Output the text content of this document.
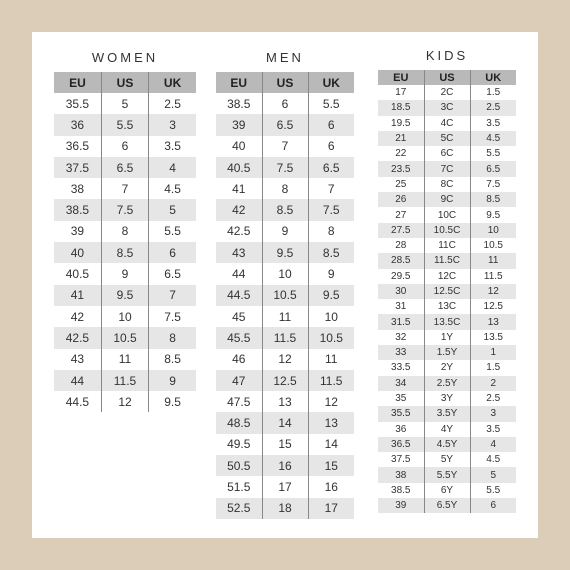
WOMEN
EU	US	UK
35.5	5	2.5
36	5.5	3
36.5	6	3.5
37.5	6.5	4
38	7	4.5
38.5	7.5	5
39	8	5.5
40	8.5	6
40.5	9	6.5
41	9.5	7
42	10	7.5
42.5	10.5	8
43	11	8.5
44	11.5	9
44.5	12	9.5
MEN
EU	US	UK
38.5	6	5.5
39	6.5	6
40	7	6
40.5	7.5	6.5
41	8	7
42	8.5	7.5
42.5	9	8
43	9.5	8.5
44	10	9
44.5	10.5	9.5
45	11	10
45.5	11.5	10.5
46	12	11
47	12.5	11.5
47.5	13	12
48.5	14	13
49.5	15	14
50.5	16	15
51.5	17	16
52.5	18	17
KIDS
EU	US	UK
17	2C	1.5
18.5	3C	2.5
19.5	4C	3.5
21	5C	4.5
22	6C	5.5
23.5	7C	6.5
25	8C	7.5
26	9C	8.5
27	10C	9.5
27.5	10.5C	10
28	11C	10.5
28.5	11.5C	11
29.5	12C	11.5
30	12.5C	12
31	13C	12.5
31.5	13.5C	13
32	1Y	13.5
33	1.5Y	1
33.5	2Y	1.5
34	2.5Y	2
35	3Y	2.5
35.5	3.5Y	3
36	4Y	3.5
36.5	4.5Y	4
37.5	5Y	4.5
38	5.5Y	5
38.5	6Y	5.5
39	6.5Y	6
